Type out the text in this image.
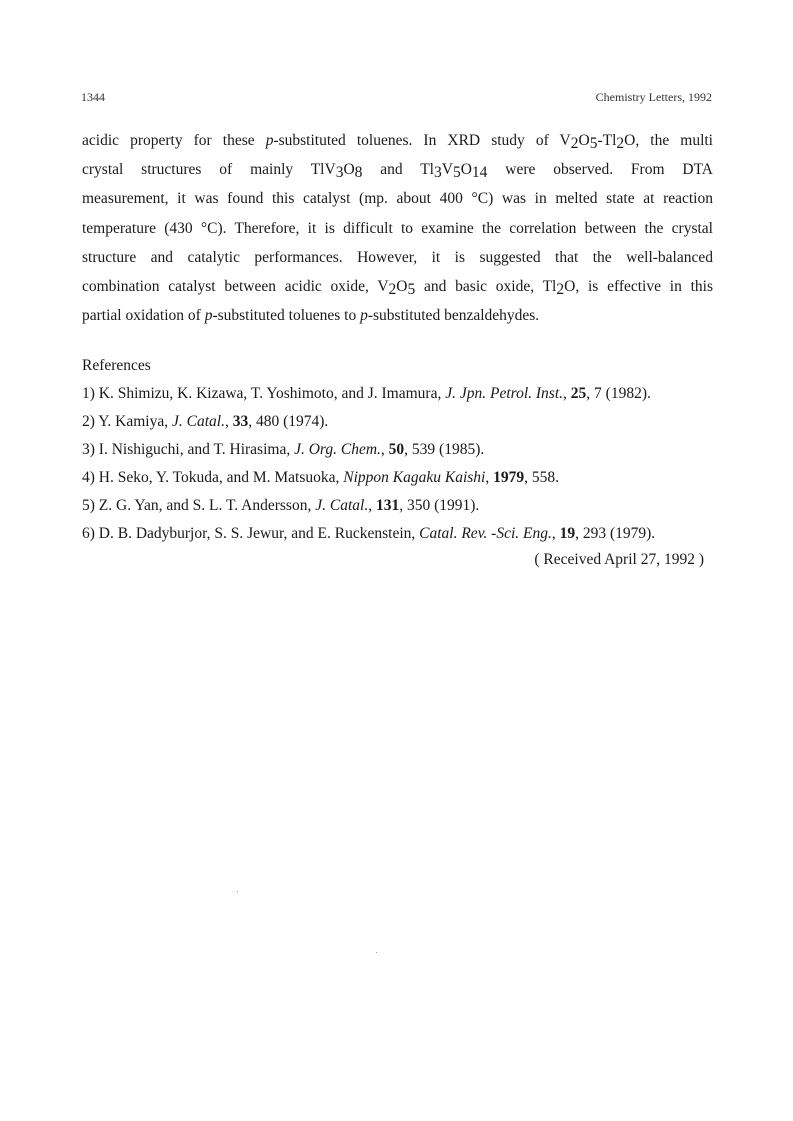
1344	Chemistry Letters, 1992
acidic property for these p-substituted toluenes. In XRD study of $V_2O_5-Tl_2O$, the multi
crystal structures of mainly $TlV_3O_8$ and $Tl_3V_5O_{14}$ were observed. From DTA
measurement, it was found this catalyst (mp. about 400 °C) was in melted state at reaction
temperature (430 °C). Therefore, it is difficult to examine the correlation between the crystal
structure and catalytic performances. However, it is suggested that the well-balanced
combination catalyst between acidic oxide, $V_2O_5$ and basic oxide, $Tl_2O$, is effective in this
partial oxidation of p-substituted toluenes to p-substituted benzaldehydes.
References
1) K. Shimizu, K. Kizawa, T. Yoshimoto, and J. Imamura, J. Jpn. Petrol. Inst., 25, 7 (1982).
2) Y. Kamiya, J. Catal., 33, 480 (1974).
3) I. Nishiguchi, and T. Hirasima, J. Org. Chem., 50, 539 (1985).
4) H. Seko, Y. Tokuda, and M. Matsuoka, Nippon Kagaku Kaishi, 1979, 558.
5) Z. G. Yan, and S. L. T. Andersson, J. Catal., 131, 350 (1991).
6) D. B. Dadyburjor, S. S. Jewur, and E. Ruckenstein, Catal. Rev. -Sci. Eng., 19, 293 (1979).
( Received April 27, 1992 )
